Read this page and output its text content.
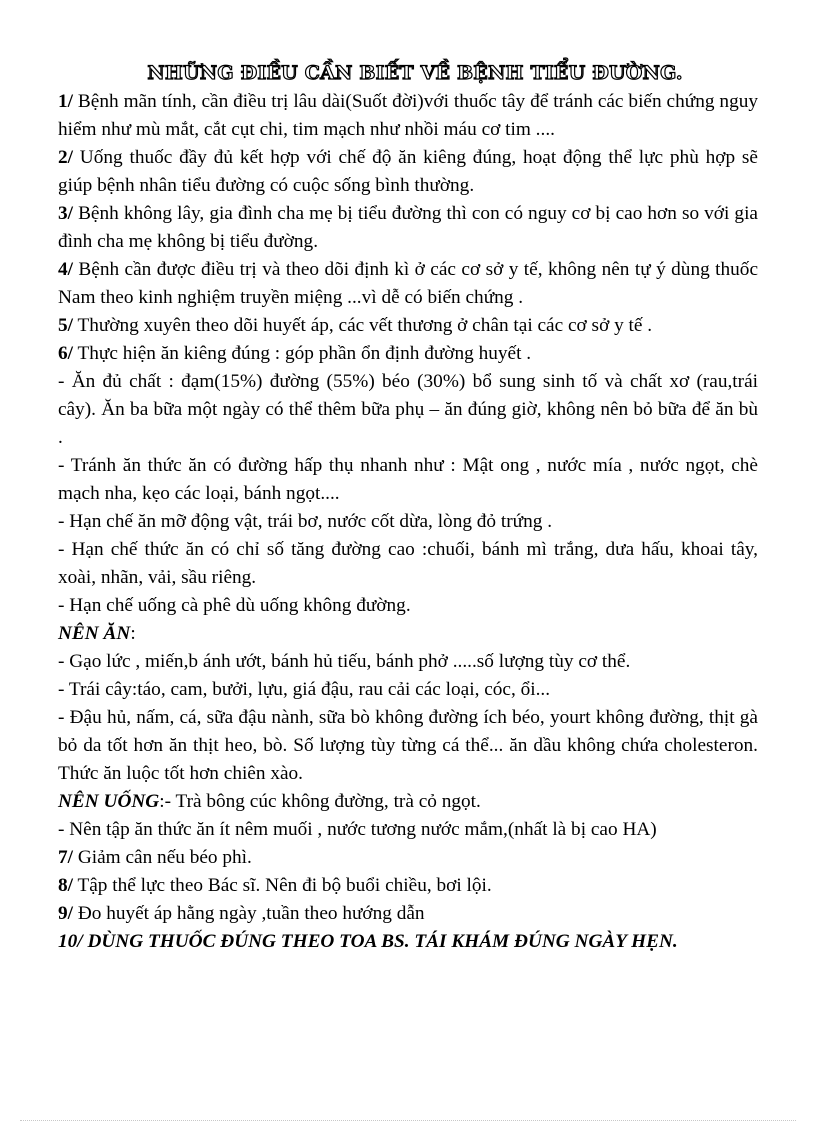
NHỮNG ĐIỀU CẦN BIẾT VỀ BỆNH TIỂU ĐƯỜNG.

1/ Bệnh mãn tính, cần điều trị lâu dài(Suốt đời)với thuốc tây để tránh các biến chứng nguy hiểm như mù mắt, cắt cụt chi, tim mạch như nhồi máu cơ tim ....

2/ Uống thuốc đầy đủ kết hợp với chế độ ăn kiêng đúng, hoạt động thể lực phù hợp sẽ giúp bệnh nhân tiểu đường có cuộc sống bình thường.

3/ Bệnh không lây, gia đình cha mẹ bị tiểu đường thì con có nguy cơ bị cao hơn so với gia đình cha mẹ không bị tiểu đường.

4/ Bệnh cần được điều trị và theo dõi định kì ở các cơ sở y tế, không nên tự ý dùng thuốc Nam theo kinh nghiệm truyền miệng ...vì dễ có biến chứng .

5/ Thường xuyên theo dõi huyết áp, các vết thương ở chân tại các cơ sở y tế .

6/ Thực hiện ăn kiêng đúng : góp phần ổn định đường huyết .

- Ăn đủ chất : đạm(15%) đường (55%) béo (30%) bổ sung sinh tố và chất xơ (rau,trái cây). Ăn ba bữa một ngày có thể thêm bữa phụ – ăn đúng giờ, không nên bỏ bữa để ăn bù .

- Tránh ăn thức ăn có đường hấp thụ nhanh như : Mật ong , nước mía , nước ngọt, chè mạch nha, kẹo các loại, bánh ngọt....

- Hạn chế ăn mỡ động vật, trái bơ, nước cốt dừa, lòng đỏ trứng .

- Hạn chế thức ăn có chỉ số tăng đường cao :chuối, bánh mì trắng, dưa hấu, khoai tây, xoài, nhãn, vải, sầu riêng.

- Hạn chế uống cà phê dù uống không đường.

NÊN ĂN:

- Gạo lức , miến,b ánh ướt, bánh hủ tiếu, bánh phở .....số lượng tùy cơ thể.

- Trái cây:táo, cam, bưởi, lựu, giá đậu, rau cải các loại, cóc, ổi...

- Đậu hủ, nấm, cá, sữa đậu nành, sữa bò không đường ích béo, yourt không đường, thịt gà bỏ da tốt hơn ăn thịt heo, bò. Số lượng tùy từng cá thể... ăn dầu không chứa cholesteron. Thức ăn luộc tốt hơn chiên xào.

NÊN UỐNG:- Trà bông cúc không đường, trà cỏ ngọt.

- Nên tập ăn thức ăn ít nêm muối , nước tương nước mắm,(nhất là bị cao HA)

7/ Giảm cân nếu béo phì.

8/ Tập thể lực theo Bác sĩ. Nên đi bộ buổi chiều, bơi lội.

9/ Đo huyết áp hằng ngày ,tuần theo hướng dẫn

10/ DÙNG THUỐC ĐÚNG THEO TOA BS. TÁI KHÁM ĐÚNG NGÀY HẸN.
